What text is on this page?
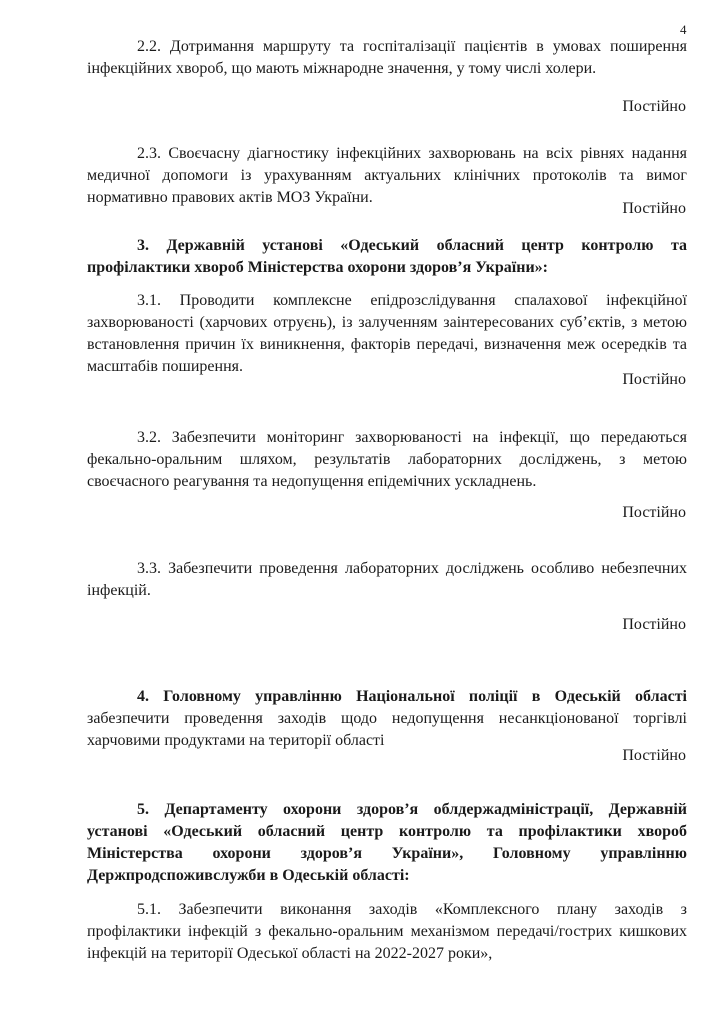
4

2.2. Дотримання маршруту та госпіталізації пацієнтів в умовах поширення інфекційних хвороб, що мають міжнародне значення, у тому числі холери.

Постійно

2.3. Своєчасну діагностику інфекційних захворювань на всіх рівнях надання медичної допомоги із урахуванням актуальних клінічних протоколів та вимог нормативно правових актів МОЗ України.

Постійно

3. Державній установі «Одеський обласний центр контролю та профілактики хвороб Міністерства охорони здоров’я України»:

3.1. Проводити комплексне епідрозслідування спалахової інфекційної захворюваності (харчових отруєнь), із залученням заінтересованих суб’єктів, з метою встановлення причин їх виникнення, факторів передачі, визначення меж осередків та масштабів поширення.

Постійно

3.2. Забезпечити моніторинг захворюваності на інфекції, що передаються фекально-оральним шляхом, результатів лабораторних досліджень, з метою своєчасного реагування та недопущення епідемічних ускладнень.

Постійно

3.3. Забезпечити проведення лабораторних досліджень особливо небезпечних інфекцій.

Постійно

4. Головному управлінню Національної поліції в Одеській області забезпечити проведення заходів щодо недопущення несанкціонованої торгівлі харчовими продуктами на території області

Постійно

5. Департаменту охорони здоров’я облдержадміністрації, Державній установі «Одеський обласний центр контролю та профілактики хвороб Міністерства охорони здоров’я України», Головному управлінню Держпродспоживслужби в Одеській області:

5.1. Забезпечити виконання заходів «Комплексного плану заходів з профілактики інфекцій з фекально-оральним механізмом передачі/гострих кишкових інфекцій на території Одеської області на 2022-2027 роки»,
